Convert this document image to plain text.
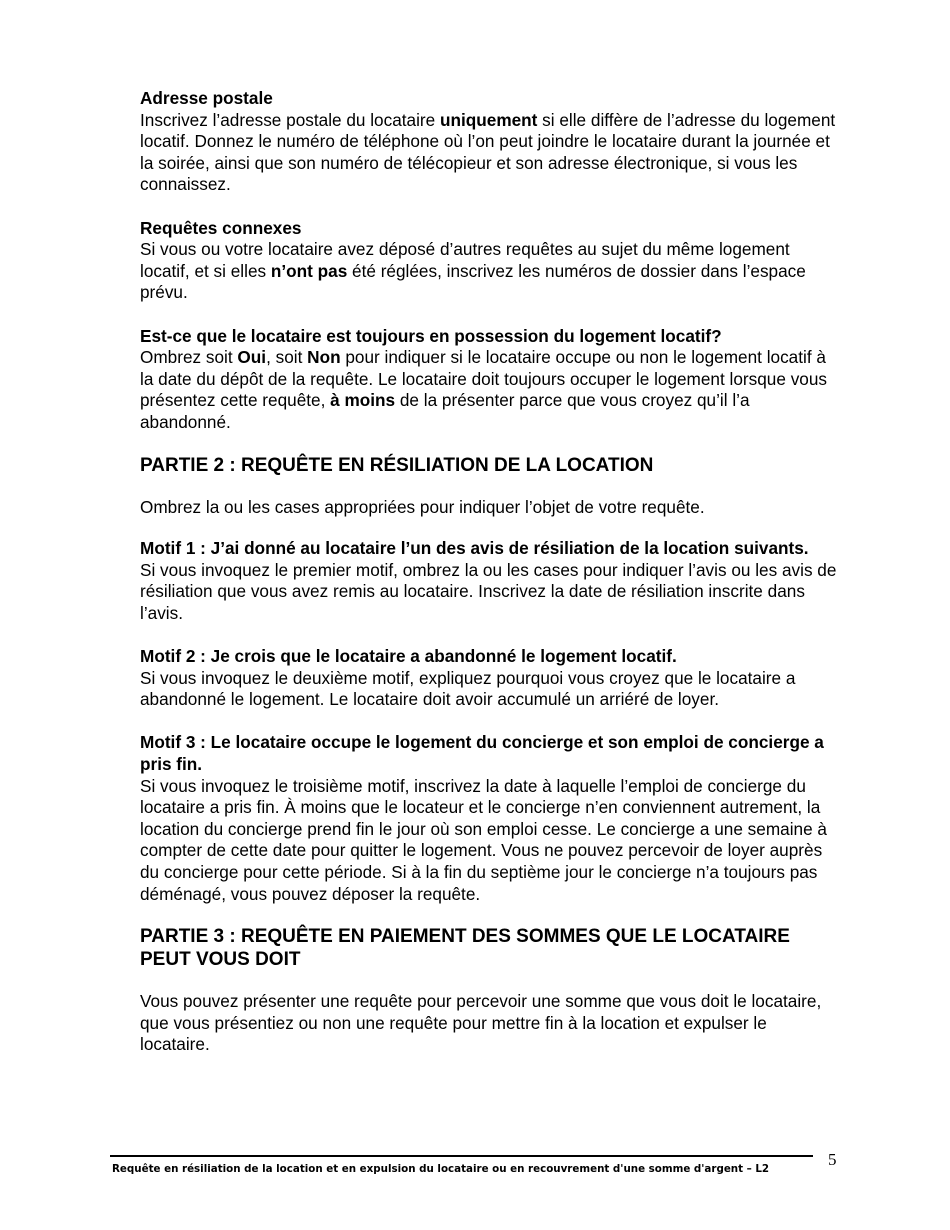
Adresse postale

Inscrivez l’adresse postale du locataire uniquement si elle diffère de l’adresse du logement locatif. Donnez le numéro de téléphone où l’on peut joindre le locataire durant la journée et la soirée, ainsi que son numéro de télécopieur et son adresse électronique, si vous les connaissez.

Requêtes connexes

Si vous ou votre locataire avez déposé d’autres requêtes au sujet du même logement locatif, et si elles n’ont pas été réglées, inscrivez les numéros de dossier dans l’espace prévu.

Est-ce que le locataire est toujours en possession du logement locatif?

Ombrez soit Oui, soit Non pour indiquer si le locataire occupe ou non le logement locatif à la date du dépôt de la requête. Le locataire doit toujours occuper le logement lorsque vous présentez cette requête, à moins de la présenter parce que vous croyez qu’il l’a abandonné.

PARTIE 2 : REQUÊTE EN RÉSILIATION DE LA LOCATION

Ombrez la ou les cases appropriées pour indiquer l’objet de votre requête.

Motif 1 : J’ai donné au locataire l’un des avis de résiliation de la location suivants.

Si vous invoquez le premier motif, ombrez la ou les cases pour indiquer l’avis ou les avis de résiliation que vous avez remis au locataire. Inscrivez la date de résiliation inscrite dans l’avis.

Motif 2 : Je crois que le locataire a abandonné le logement locatif.

Si vous invoquez le deuxième motif, expliquez pourquoi vous croyez que le locataire a abandonné le logement. Le locataire doit avoir accumulé un arriéré de loyer.

Motif 3 : Le locataire occupe le logement du concierge et son emploi de concierge a pris fin.

Si vous invoquez le troisième motif, inscrivez la date à laquelle l’emploi de concierge du locataire a pris fin. À moins que le locateur et le concierge n’en conviennent autrement, la location du concierge prend fin le jour où son emploi cesse. Le concierge a une semaine à compter de cette date pour quitter le logement. Vous ne pouvez percevoir de loyer auprès du concierge pour cette période. Si à la fin du septième jour le concierge n’a toujours pas déménagé, vous pouvez déposer la requête.

PARTIE 3 : REQUÊTE EN PAIEMENT DES SOMMES QUE LE LOCATAIRE PEUT VOUS DOIT

Vous pouvez présenter une requête pour percevoir une somme que vous doit le locataire, que vous présentiez ou non une requête pour mettre fin à la location et expulser le locataire.

Requête en résiliation de la location et en expulsion du locataire ou en recouvrement d'une somme d'argent – L2	5
